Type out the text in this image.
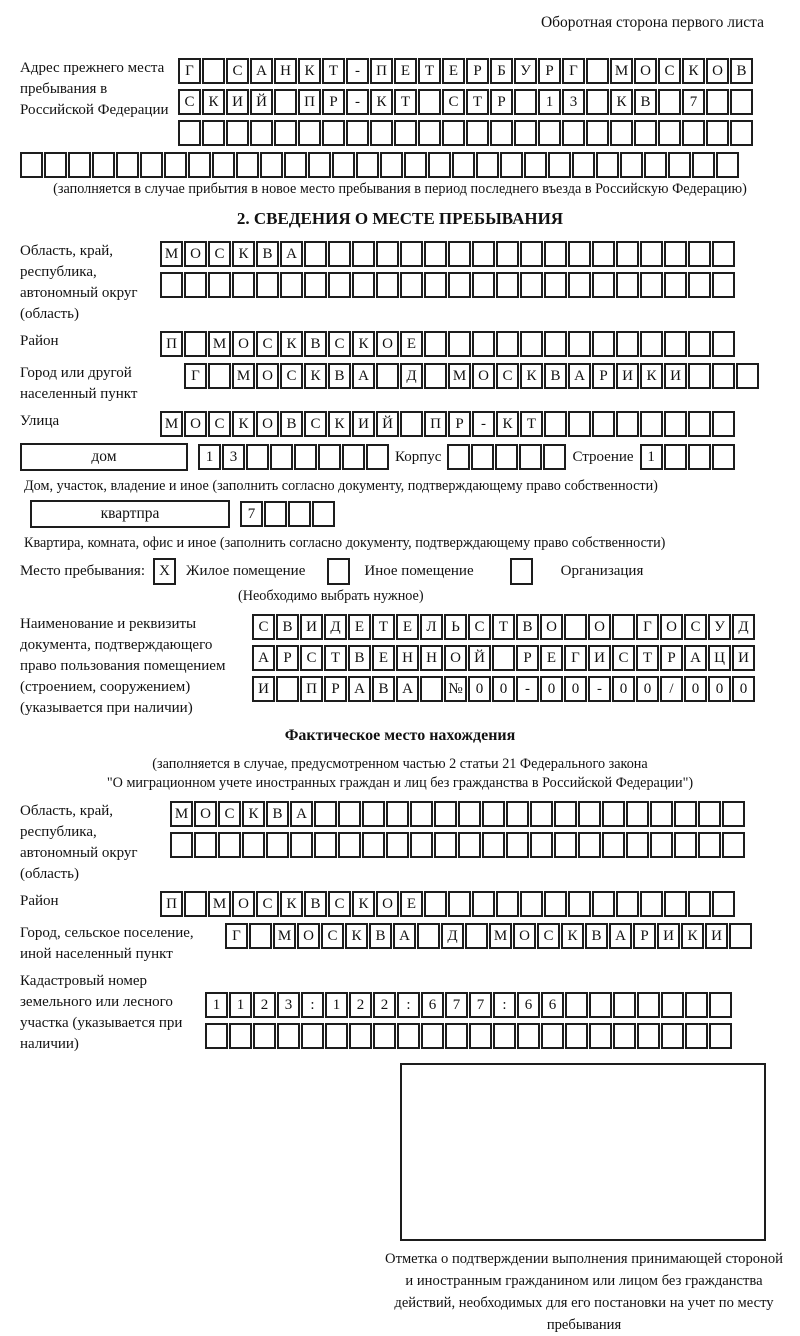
Оборотная сторона первого листа
Адрес прежнего места пребывания в Российской Федерации
Г	С А Н К Т	-	П Е Т Е	Р	Б У Р	Г	М О С К О В
С К И Й	П Р	-	К Т	С Т	Р	1	3	К В	7
(заполняется в случае прибытия в новое место пребывания в период последнего въезда в Российскую Федерацию)
2. СВЕДЕНИЯ О МЕСТЕ ПРЕБЫВАНИЯ
Область, край, республика, автономный округ (область)
М О С К В А
Район	П	М О С К В С К О Е
Город или другой населенный пункт
Г	М О С К В А	Д	М О С К В А Р И К И
Улица	М О С К О В С К И Й	П Р	-	К Т
дом	1	3	Корпус	Строение 1
Дом, участок, владение и иное (заполнить согласно документу, подтверждающему право собственности)
квартпра	7
Квартира, комната, офис и иное (заполнить согласно документу, подтверждающему право собственности)
Место пребывания: X	Жилое помещение	Иное помещение	Организация
(Необходимо выбрать нужное)
Наименование и реквизиты документа, подтверждающего право пользования помещением (строением, сооружением) (указывается при наличии)
С В И Д Е Т Е Л Ь С Т В О	О	Г О С У Д
А Р С Т В Е Н Н О Й	Р	Е	Г И С Т	Р А Ц И
И	П Р А В А	№ 0	0	-	0	0	-	0	0	/	0	0	0
Фактическое место нахождения
(заполняется в случае, предусмотренном частью 2 статьи 21 Федерального закона
"О миграционном учете иностранных граждан и лиц без гражданства в Российской Федерации")
Область, край, республика, автономный округ (область)
М О С К В А
Район	П	М О С К В С К О Е
Город, сельское поселение, иной населенный пункт
Г	М О С К В А	Д	М О С К В А Р И К И
Кадастровый номер земельного или лесного участка (указывается при наличии)
1	1	2	3	:	1	2	2	:	6	7	7	:	6	6
Отметка о подтверждении выполнения принимающей стороной и иностранным гражданином или лицом без гражданства действий, необходимых для его постановки на учет по месту пребывания
